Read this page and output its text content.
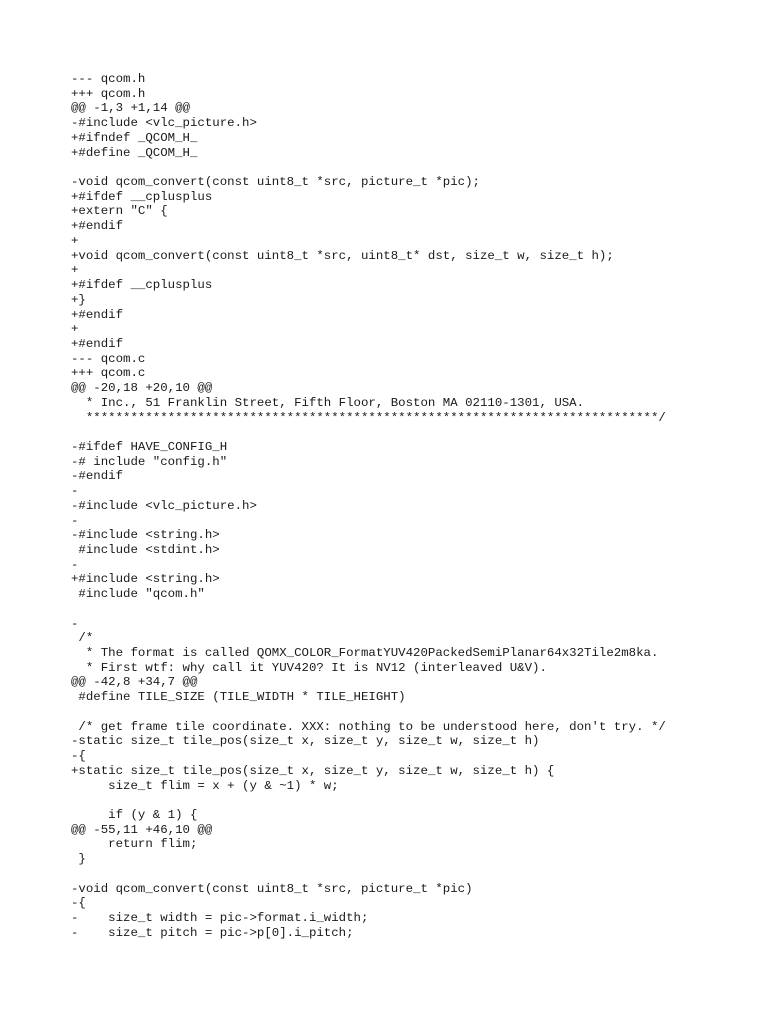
--- qcom.h
+++ qcom.h
@@ -1,3 +1,14 @@
-#include <vlc_picture.h>
+#ifndef _QCOM_H_
+#define _QCOM_H_
-void qcom_convert(const uint8_t *src, picture_t *pic);
+#ifdef __cplusplus
+extern "C" {
+#endif
+
+void qcom_convert(const uint8_t *src, uint8_t* dst, size_t w, size_t h);
+
+#ifdef __cplusplus
+}
+#endif
+
+#endif
--- qcom.c
+++ qcom.c
@@ -20,18 +20,10 @@
* Inc., 51 Franklin Street, Fifth Floor, Boston MA 02110-1301, USA.
*****************************************************************************/
-#ifdef HAVE_CONFIG_H
-# include "config.h"
-#endif
-
-#include <vlc_picture.h>
-
-#include <string.h>
#include <stdint.h>
-
+#include <string.h>
#include "qcom.h"
-
/*
* The format is called QOMX_COLOR_FormatYUV420PackedSemiPlanar64x32Tile2m8ka.
* First wtf: why call it YUV420? It is NV12 (interleaved U&V).
@@ -42,8 +34,7 @@
#define TILE_SIZE (TILE_WIDTH * TILE_HEIGHT)
/* get frame tile coordinate. XXX: nothing to be understood here, don't try. */
-static size_t tile_pos(size_t x, size_t y, size_t w, size_t h)
-{
+static size_t tile_pos(size_t x, size_t y, size_t w, size_t h) {
size_t flim = x + (y & ~1) * w;
if (y & 1) {
@@ -55,11 +46,10 @@
return flim;
}
-void qcom_convert(const uint8_t *src, picture_t *pic)
-{
-    size_t width = pic->format.i_width;
-    size_t pitch = pic->p[0].i_pitch;
